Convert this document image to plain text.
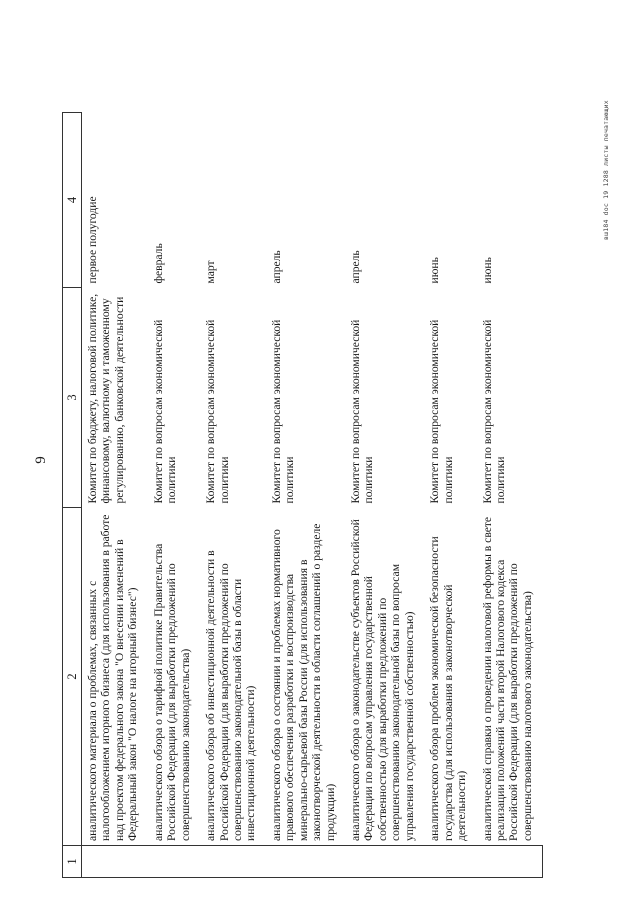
9
1	2	3	4
	аналитического материала о проблемах, связанных с налогообложением игорного бизнеса (для использования в работе над проектом федерального закона "О внесении изменений в Федеральный закон "О налоге на игорный бизнес")	Комитет по бюджету, налоговой политике, финансовому, валютному и таможенному регулированию, банковской деятельности	первое полугодие
	аналитического обзора о тарифной политике Правительства Российской Федерации (для выработки предложений по совершенствованию законодательства)	Комитет по вопросам экономической политики	февраль
	аналитического обзора об инвестиционной деятельности в Российской Федерации (для выработки предложений по совершенствованию законодательной базы в области инвестиционной деятельности)	Комитет по вопросам экономической политики	март
	аналитического обзора о состоянии и проблемах нормативного правового обеспечения разработки и воспроизводства минерально-сырьевой базы России (для использования в законотворческой деятельности в области соглашений о разделе продукции)	Комитет по вопросам экономической политики	апрель
	аналитического обзора о законодательстве субъектов Российской Федерации по вопросам управления государственной собственностью (для выработки предложений по совершенствованию законодательной базы по вопросам управления государственной собственностью)	Комитет по вопросам экономической политики	апрель
	аналитического обзора проблем экономической безопасности государства (для использования в законотворческой деятельности)	Комитет по вопросам экономической политики	июнь
	аналитической справки о проведении налоговой реформы в свете реализации положений части второй Налогового кодекса Российской Федерации (для выработки предложений по совершенствованию налогового законодательства)	Комитет по вопросам экономической политики	июнь
вш184 doc 19 1288 листы печатающих
